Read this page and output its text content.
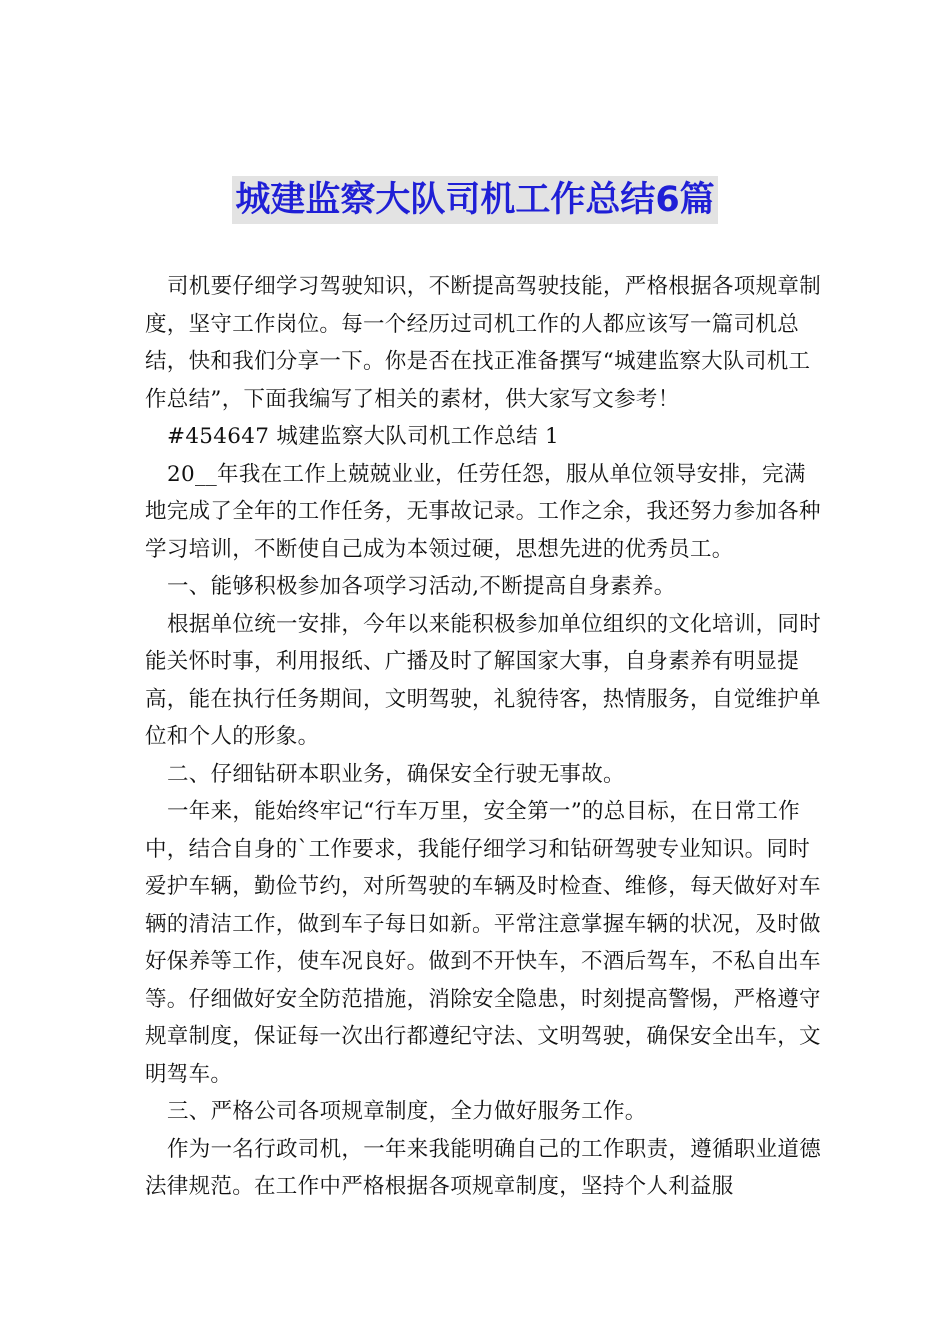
城建监察大队司机工作总结6篇

司机要仔细学习驾驶知识，不断提高驾驶技能，严格根据各项规章制度，坚守工作岗位。每一个经历过司机工作的人都应该写一篇司机总结，快和我们分享一下。你是否在找正准备撰写“城建监察大队司机工作总结”，下面我编写了相关的素材，供大家写文参考！

#454647 城建监察大队司机工作总结 1

20__年我在工作上兢兢业业，任劳任怨，服从单位领导安排，完满地完成了全年的工作任务，无事故记录。工作之余，我还努力参加各种学习培训，不断使自己成为本领过硬，思想先进的优秀员工。

一、能够积极参加各项学习活动,不断提高自身素养。

根据单位统一安排，今年以来能积极参加单位组织的文化培训，同时能关怀时事，利用报纸、广播及时了解国家大事，自身素养有明显提高，能在执行任务期间，文明驾驶，礼貌待客，热情服务，自觉维护单位和个人的形象。

二、仔细钻研本职业务，确保安全行驶无事故。

一年来，能始终牢记“行车万里，安全第一”的总目标，在日常工作中，结合自身的`工作要求，我能仔细学习和钻研驾驶专业知识。同时爱护车辆，勤俭节约，对所驾驶的车辆及时检查、维修，每天做好对车辆的清洁工作，做到车子每日如新。平常注意掌握车辆的状况，及时做好保养等工作，使车况良好。做到不开快车，不酒后驾车，不私自出车等。仔细做好安全防范措施，消除安全隐患，时刻提高警惕，严格遵守规章制度，保证每一次出行都遵纪守法、文明驾驶，确保安全出车，文明驾车。

三、严格公司各项规章制度，全力做好服务工作。

作为一名行政司机，一年来我能明确自己的工作职责，遵循职业道德法律规范。在工作中严格根据各项规章制度，坚持个人利益服
